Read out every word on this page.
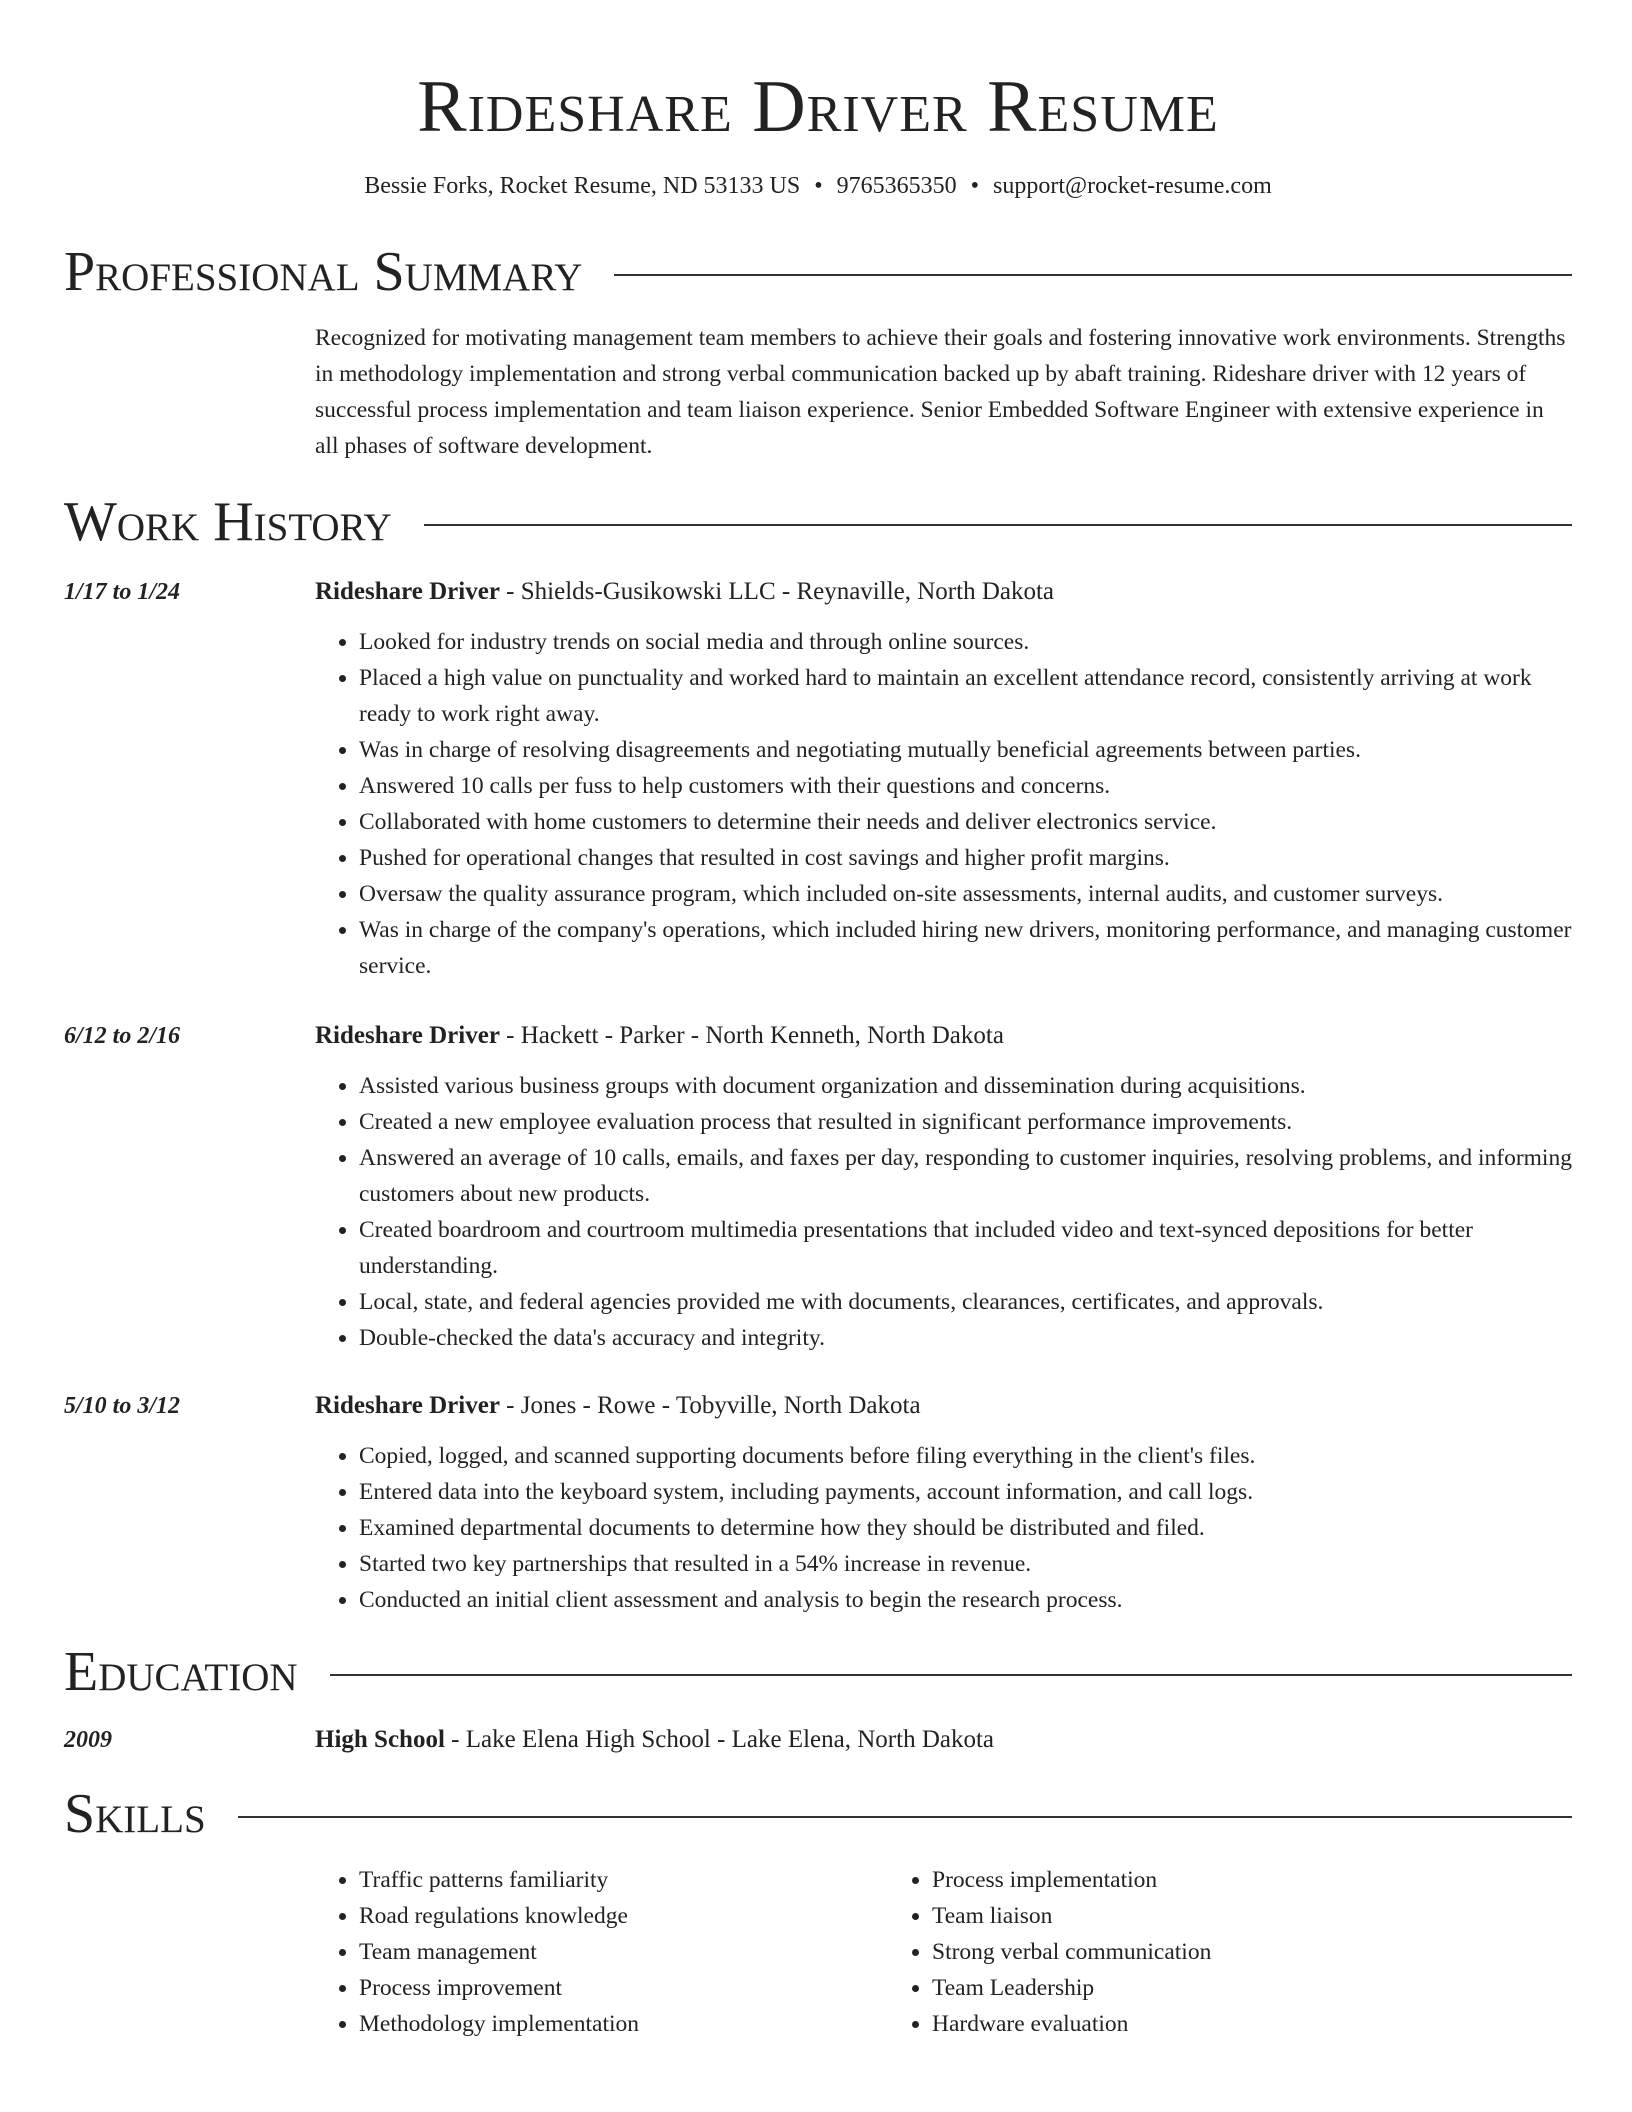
Rideshare Driver Resume
Bessie Forks, Rocket Resume, ND 53133 US • 9765365350 • support@rocket-resume.com
Professional Summary
Recognized for motivating management team members to achieve their goals and fostering innovative work environments. Strengths in methodology implementation and strong verbal communication backed up by abaft training. Rideshare driver with 12 years of successful process implementation and team liaison experience. Senior Embedded Software Engineer with extensive experience in all phases of software development.
Work History
1/17 to 1/24	Rideshare Driver - Shields-Gusikowski LLC - Reynaville, North Dakota
• Looked for industry trends on social media and through online sources.
• Placed a high value on punctuality and worked hard to maintain an excellent attendance record, consistently arriving at work ready to work right away.
• Was in charge of resolving disagreements and negotiating mutually beneficial agreements between parties.
• Answered 10 calls per fuss to help customers with their questions and concerns.
• Collaborated with home customers to determine their needs and deliver electronics service.
• Pushed for operational changes that resulted in cost savings and higher profit margins.
• Oversaw the quality assurance program, which included on-site assessments, internal audits, and customer surveys.
• Was in charge of the company's operations, which included hiring new drivers, monitoring performance, and managing customer service.
6/12 to 2/16	Rideshare Driver - Hackett - Parker - North Kenneth, North Dakota
• Assisted various business groups with document organization and dissemination during acquisitions.
• Created a new employee evaluation process that resulted in significant performance improvements.
• Answered an average of 10 calls, emails, and faxes per day, responding to customer inquiries, resolving problems, and informing customers about new products.
• Created boardroom and courtroom multimedia presentations that included video and text-synced depositions for better understanding.
• Local, state, and federal agencies provided me with documents, clearances, certificates, and approvals.
• Double-checked the data's accuracy and integrity.
5/10 to 3/12	Rideshare Driver - Jones - Rowe - Tobyville, North Dakota
• Copied, logged, and scanned supporting documents before filing everything in the client's files.
• Entered data into the keyboard system, including payments, account information, and call logs.
• Examined departmental documents to determine how they should be distributed and filed.
• Started two key partnerships that resulted in a 54% increase in revenue.
• Conducted an initial client assessment and analysis to begin the research process.
Education
2009	High School - Lake Elena High School - Lake Elena, North Dakota
Skills
• Traffic patterns familiarity
• Road regulations knowledge
• Team management
• Process improvement
• Methodology implementation
• Process implementation
• Team liaison
• Strong verbal communication
• Team Leadership
• Hardware evaluation
